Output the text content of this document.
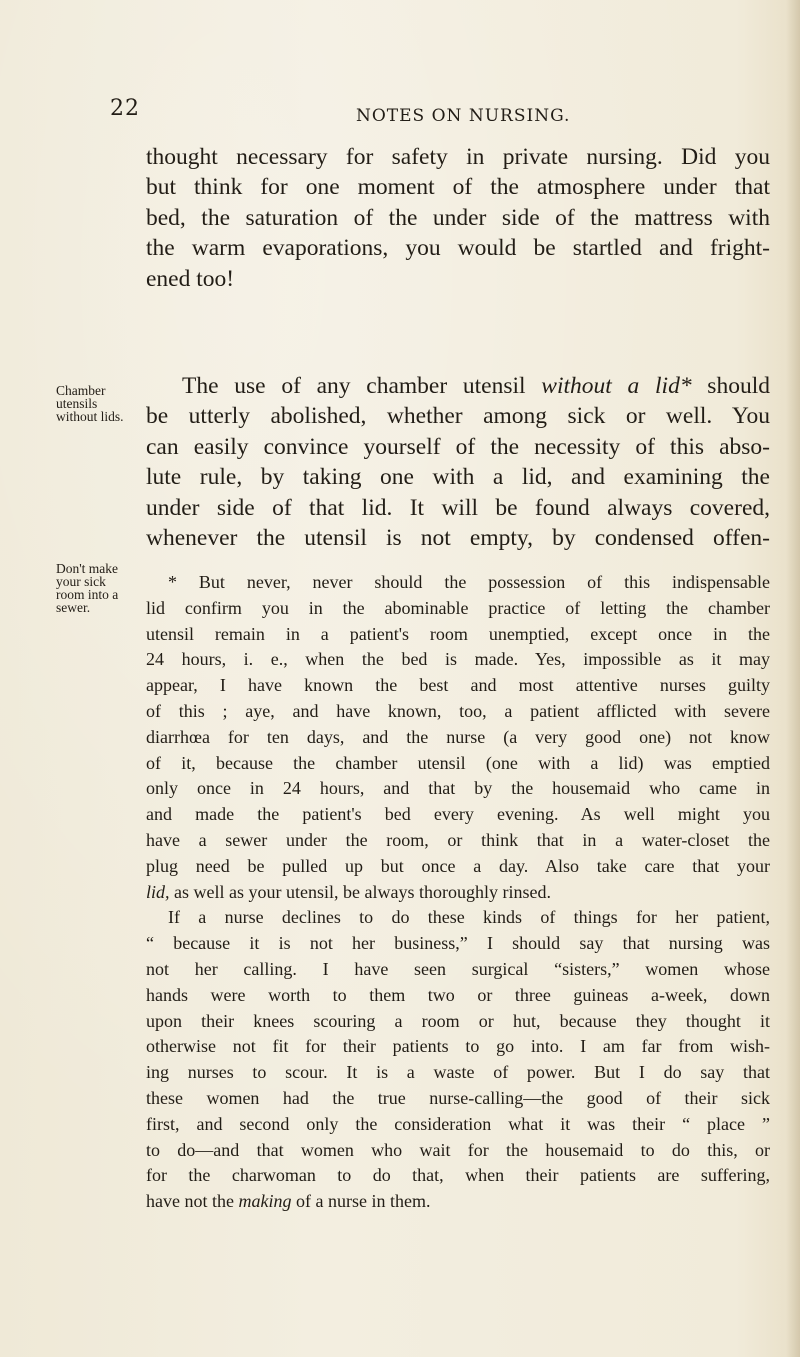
22	NOTES ON NURSING.

thought necessary for safety in private nursing. Did you
but think for one moment of the atmosphere under that
bed, the saturation of the under side of the mattress with
the warm evaporations, you would be startled and fright-
ened too!

Chamber
utensils
without lids.

The use of any chamber utensil without a lid* should
be utterly abolished, whether among sick or well. You
can easily convince yourself of the necessity of this abso-
lute rule, by taking one with a lid, and examining the
under side of that lid. It will be found always covered,
whenever the utensil is not empty, by condensed offen-

Don't make
your sick
room into a
sewer.
* But never, never should the possession of this indispensable
lid confirm you in the abominable practice of letting the chamber
utensil remain in a patient's room unemptied, except once in the
24 hours, i. e., when the bed is made. Yes, impossible as it may
appear, I have known the best and most attentive nurses guilty
of this ; aye, and have known, too, a patient afflicted with severe
diarrhœa for ten days, and the nurse (a very good one) not know
of it, because the chamber utensil (one with a lid) was emptied
only once in 24 hours, and that by the housemaid who came in
and made the patient's bed every evening. As well might you
have a sewer under the room, or think that in a water-closet the
plug need be pulled up but once a day. Also take care that your
lid, as well as your utensil, be always thoroughly rinsed.
If a nurse declines to do these kinds of things for her patient,
“ because it is not her business,” I should say that nursing was
not her calling. I have seen surgical “sisters,” women whose
hands were worth to them two or three guineas a-week, down
upon their knees scouring a room or hut, because they thought it
otherwise not fit for their patients to go into. I am far from wish-
ing nurses to scour. It is a waste of power. But I do say that
these women had the true nurse-calling—the good of their sick
first, and second only the consideration what it was their “ place ”
to do—and that women who wait for the housemaid to do this, or
for the charwoman to do that, when their patients are suffering,
have not the making of a nurse in them.
